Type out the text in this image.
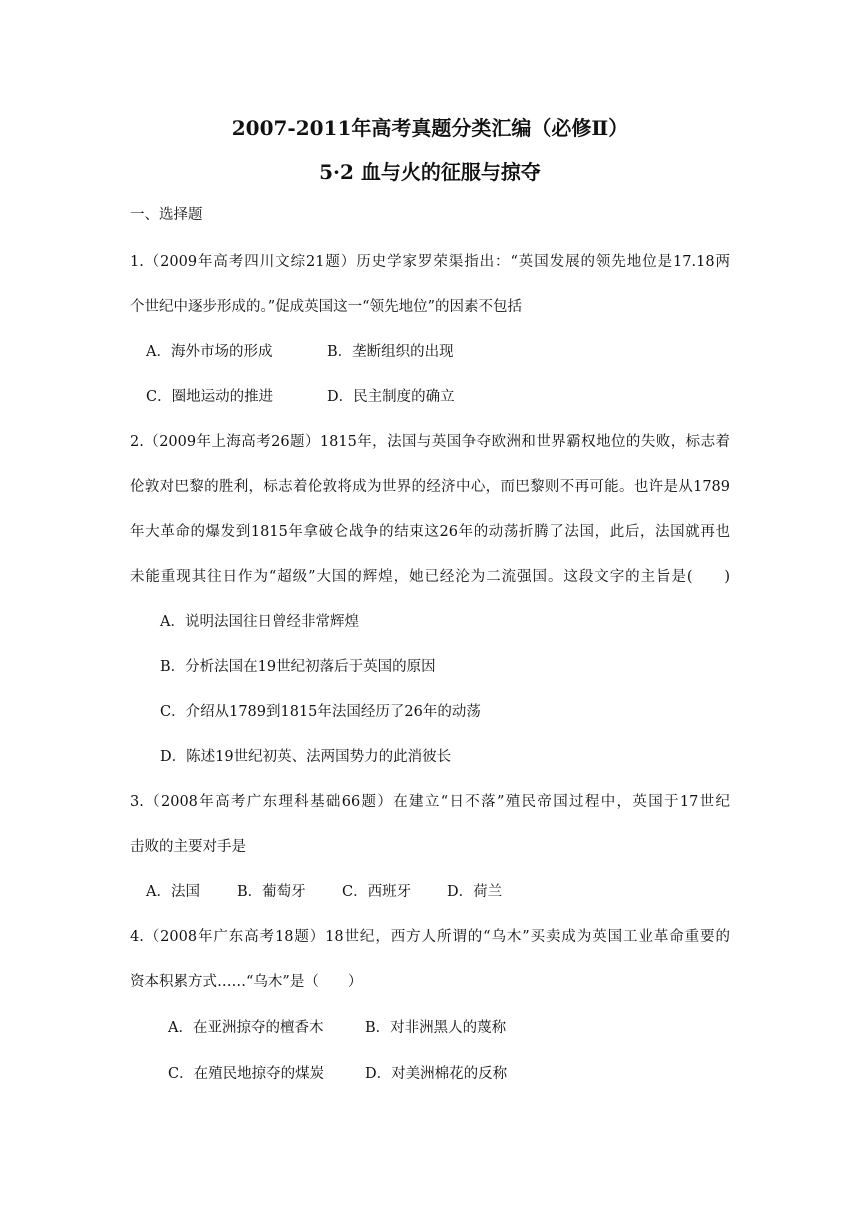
2007-2011年高考真题分类汇编（必修Ⅱ）
5·2 血与火的征服与掠夺
一、选择题
1.（2009年高考四川文综21题）历史学家罗荣渠指出：“英国发展的领先地位是17.18两
个世纪中逐步形成的。”促成英国这一“领先地位”的因素不包括
A．海外市场的形成	B．垄断组织的出现
C．圈地运动的推进	D．民主制度的确立
2.（2009年上海高考26题）1815年，法国与英国争夺欧洲和世界霸权地位的失败，标志着
伦敦对巴黎的胜利，标志着伦敦将成为世界的经济中心，而巴黎则不再可能。也许是从1789
年大革命的爆发到1815年拿破仑战争的结束这26年的动荡折腾了法国，此后，法国就再也
未能重现其往日作为“超级”大国的辉煌，她已经沦为二流强国。这段文字的主旨是(　　)
A．说明法国往日曾经非常辉煌
B．分析法国在19世纪初落后于英国的原因
C．介绍从1789到1815年法国经历了26年的动荡
D．陈述19世纪初英、法两国势力的此消彼长
3.（2008年高考广东理科基础66题）在建立“日不落”殖民帝国过程中，英国于17世纪
击败的主要对手是
A．法国	B．葡萄牙	C．西班牙 D．荷兰
4.（2008年广东高考18题）18世纪，西方人所谓的“乌木”买卖成为英国工业革命重要的
资本积累方式……“乌木”是（　　）
A．在亚洲掠夺的檀香木	B．对非洲黑人的蔑称
C．在殖民地掠夺的煤炭	D．对美洲棉花的反称
